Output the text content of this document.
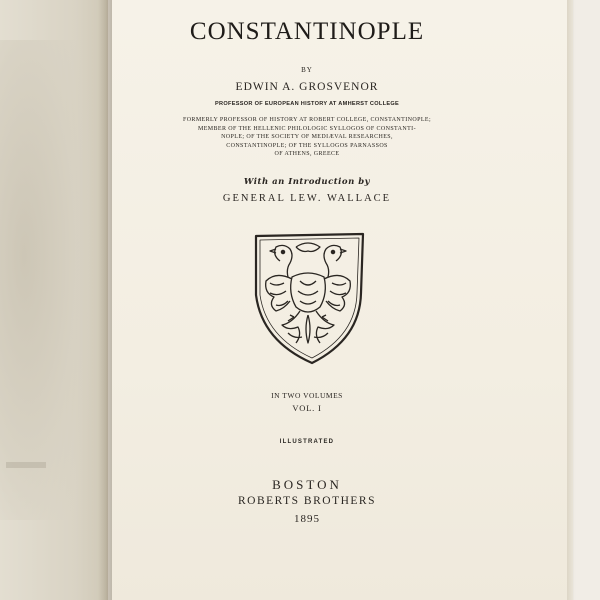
CONSTANTINOPLE
BY
EDWIN A. GROSVENOR
PROFESSOR OF EUROPEAN HISTORY AT AMHERST COLLEGE
FORMERLY PROFESSOR OF HISTORY AT ROBERT COLLEGE, CONSTANTINOPLE;
MEMBER OF THE HELLENIC PHILOLOGIC SYLLOGOS OF CONSTANTI-
NOPLE; OF THE SOCIETY OF MEDIÆVAL RESEARCHES,
CONSTANTINOPLE; OF THE SYLLOGOS PARNASSOS
OF ATHENS, GREECE
With an Introduction by
GENERAL LEW. WALLACE
IN TWO VOLUMES
VOL. I
ILLUSTRATED
BOSTON
ROBERTS BROTHERS
1895
